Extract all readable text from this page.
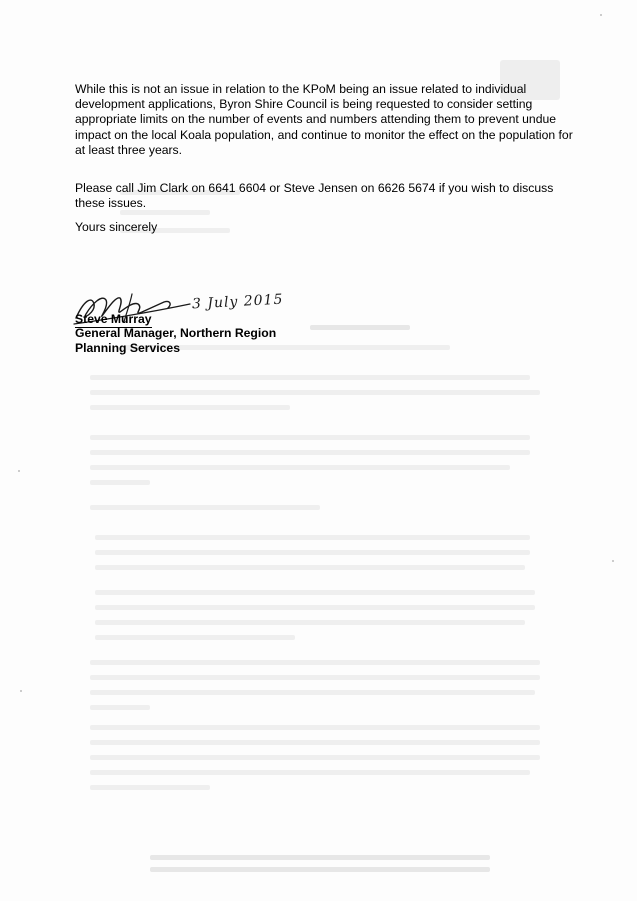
While this is not an issue in relation to the KPoM being an issue related to individual development applications, Byron Shire Council is being requested to consider setting appropriate limits on the number of events and numbers attending them to prevent undue impact on the local Koala population, and continue to monitor the effect on the population for at least three years.

Please call Jim Clark on 6641 6604 or Steve Jensen on 6626 5674 if you wish to discuss these issues.

Yours sincerely

3 July 2015
Steve Murray
General Manager, Northern Region
Planning Services
